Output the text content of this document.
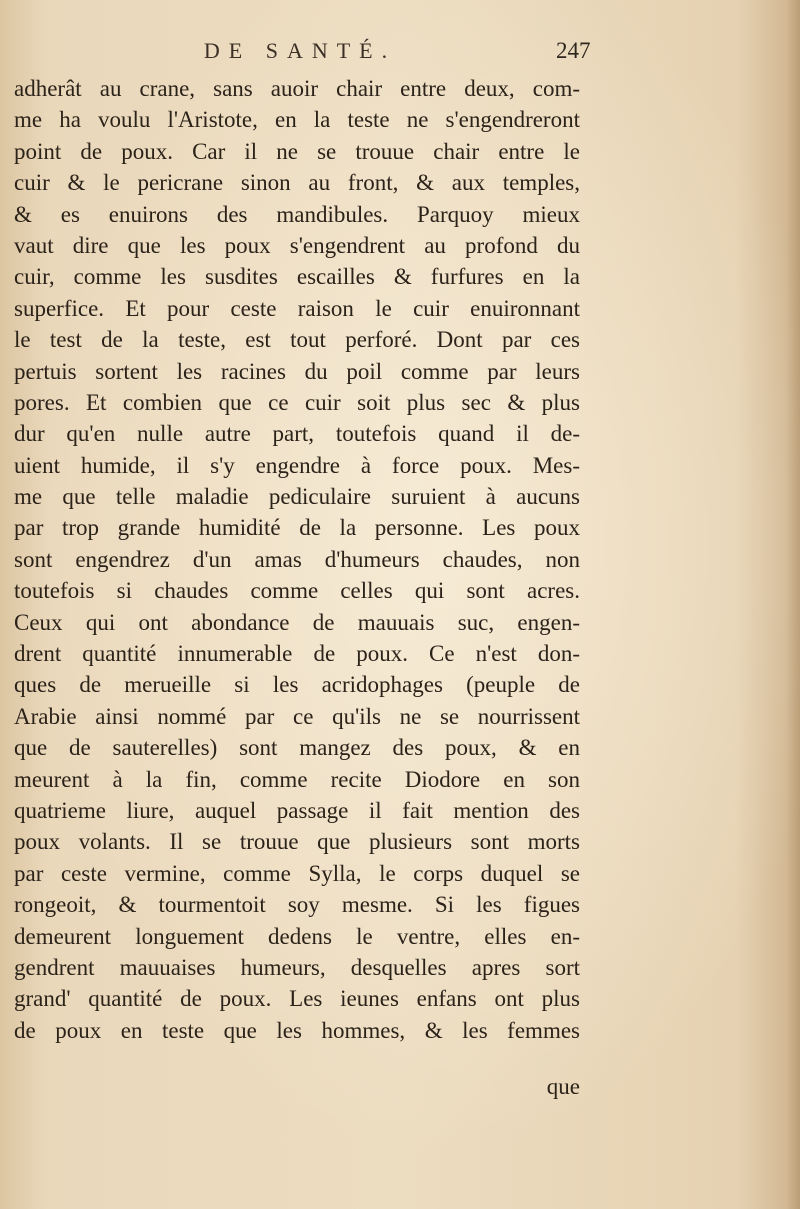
DE SANTÉ.	247
adherât au crane, sans auoir chair entre deux, com-
me ha voulu l'Aristote, en la teste ne s'engendreront
point de poux. Car il ne se trouue chair entre le
cuir & le pericrane sinon au front, & aux temples,
& es enuirons des mandibules. Parquoy mieux
vaut dire que les poux s'engendrent au profond du
cuir, comme les susdites escailles & furfures en la
superfice. Et pour ceste raison le cuir enuironnant
le test de la teste, est tout perforé. Dont par ces
pertuis sortent les racines du poil comme par leurs
pores. Et combien que ce cuir soit plus sec & plus
dur qu'en nulle autre part, toutefois quand il de-
uient humide, il s'y engendre à force poux. Mes-
me que telle maladie pediculaire suruient à aucuns
par trop grande humidité de la personne. Les poux
sont engendrez d'un amas d'humeurs chaudes, non
toutefois si chaudes comme celles qui sont acres.
Ceux qui ont abondance de mauuais suc, engen-
drent quantité innumerable de poux. Ce n'est don-
ques de merueille si les acridophages (peuple de
Arabie ainsi nommé par ce qu'ils ne se nourrissent
que de sauterelles) sont mangez des poux, & en
meurent à la fin, comme recite Diodore en son
quatrieme liure, auquel passage il fait mention des
poux volants. Il se trouue que plusieurs sont morts
par ceste vermine, comme Sylla, le corps duquel se
rongeoit, & tourmentoit soy mesme. Si les figues
demeurent longuement dedens le ventre, elles en-
gendrent mauuaises humeurs, desquelles apres sort
grand' quantité de poux. Les ieunes enfans ont plus
de poux en teste que les hommes, & les femmes
que
